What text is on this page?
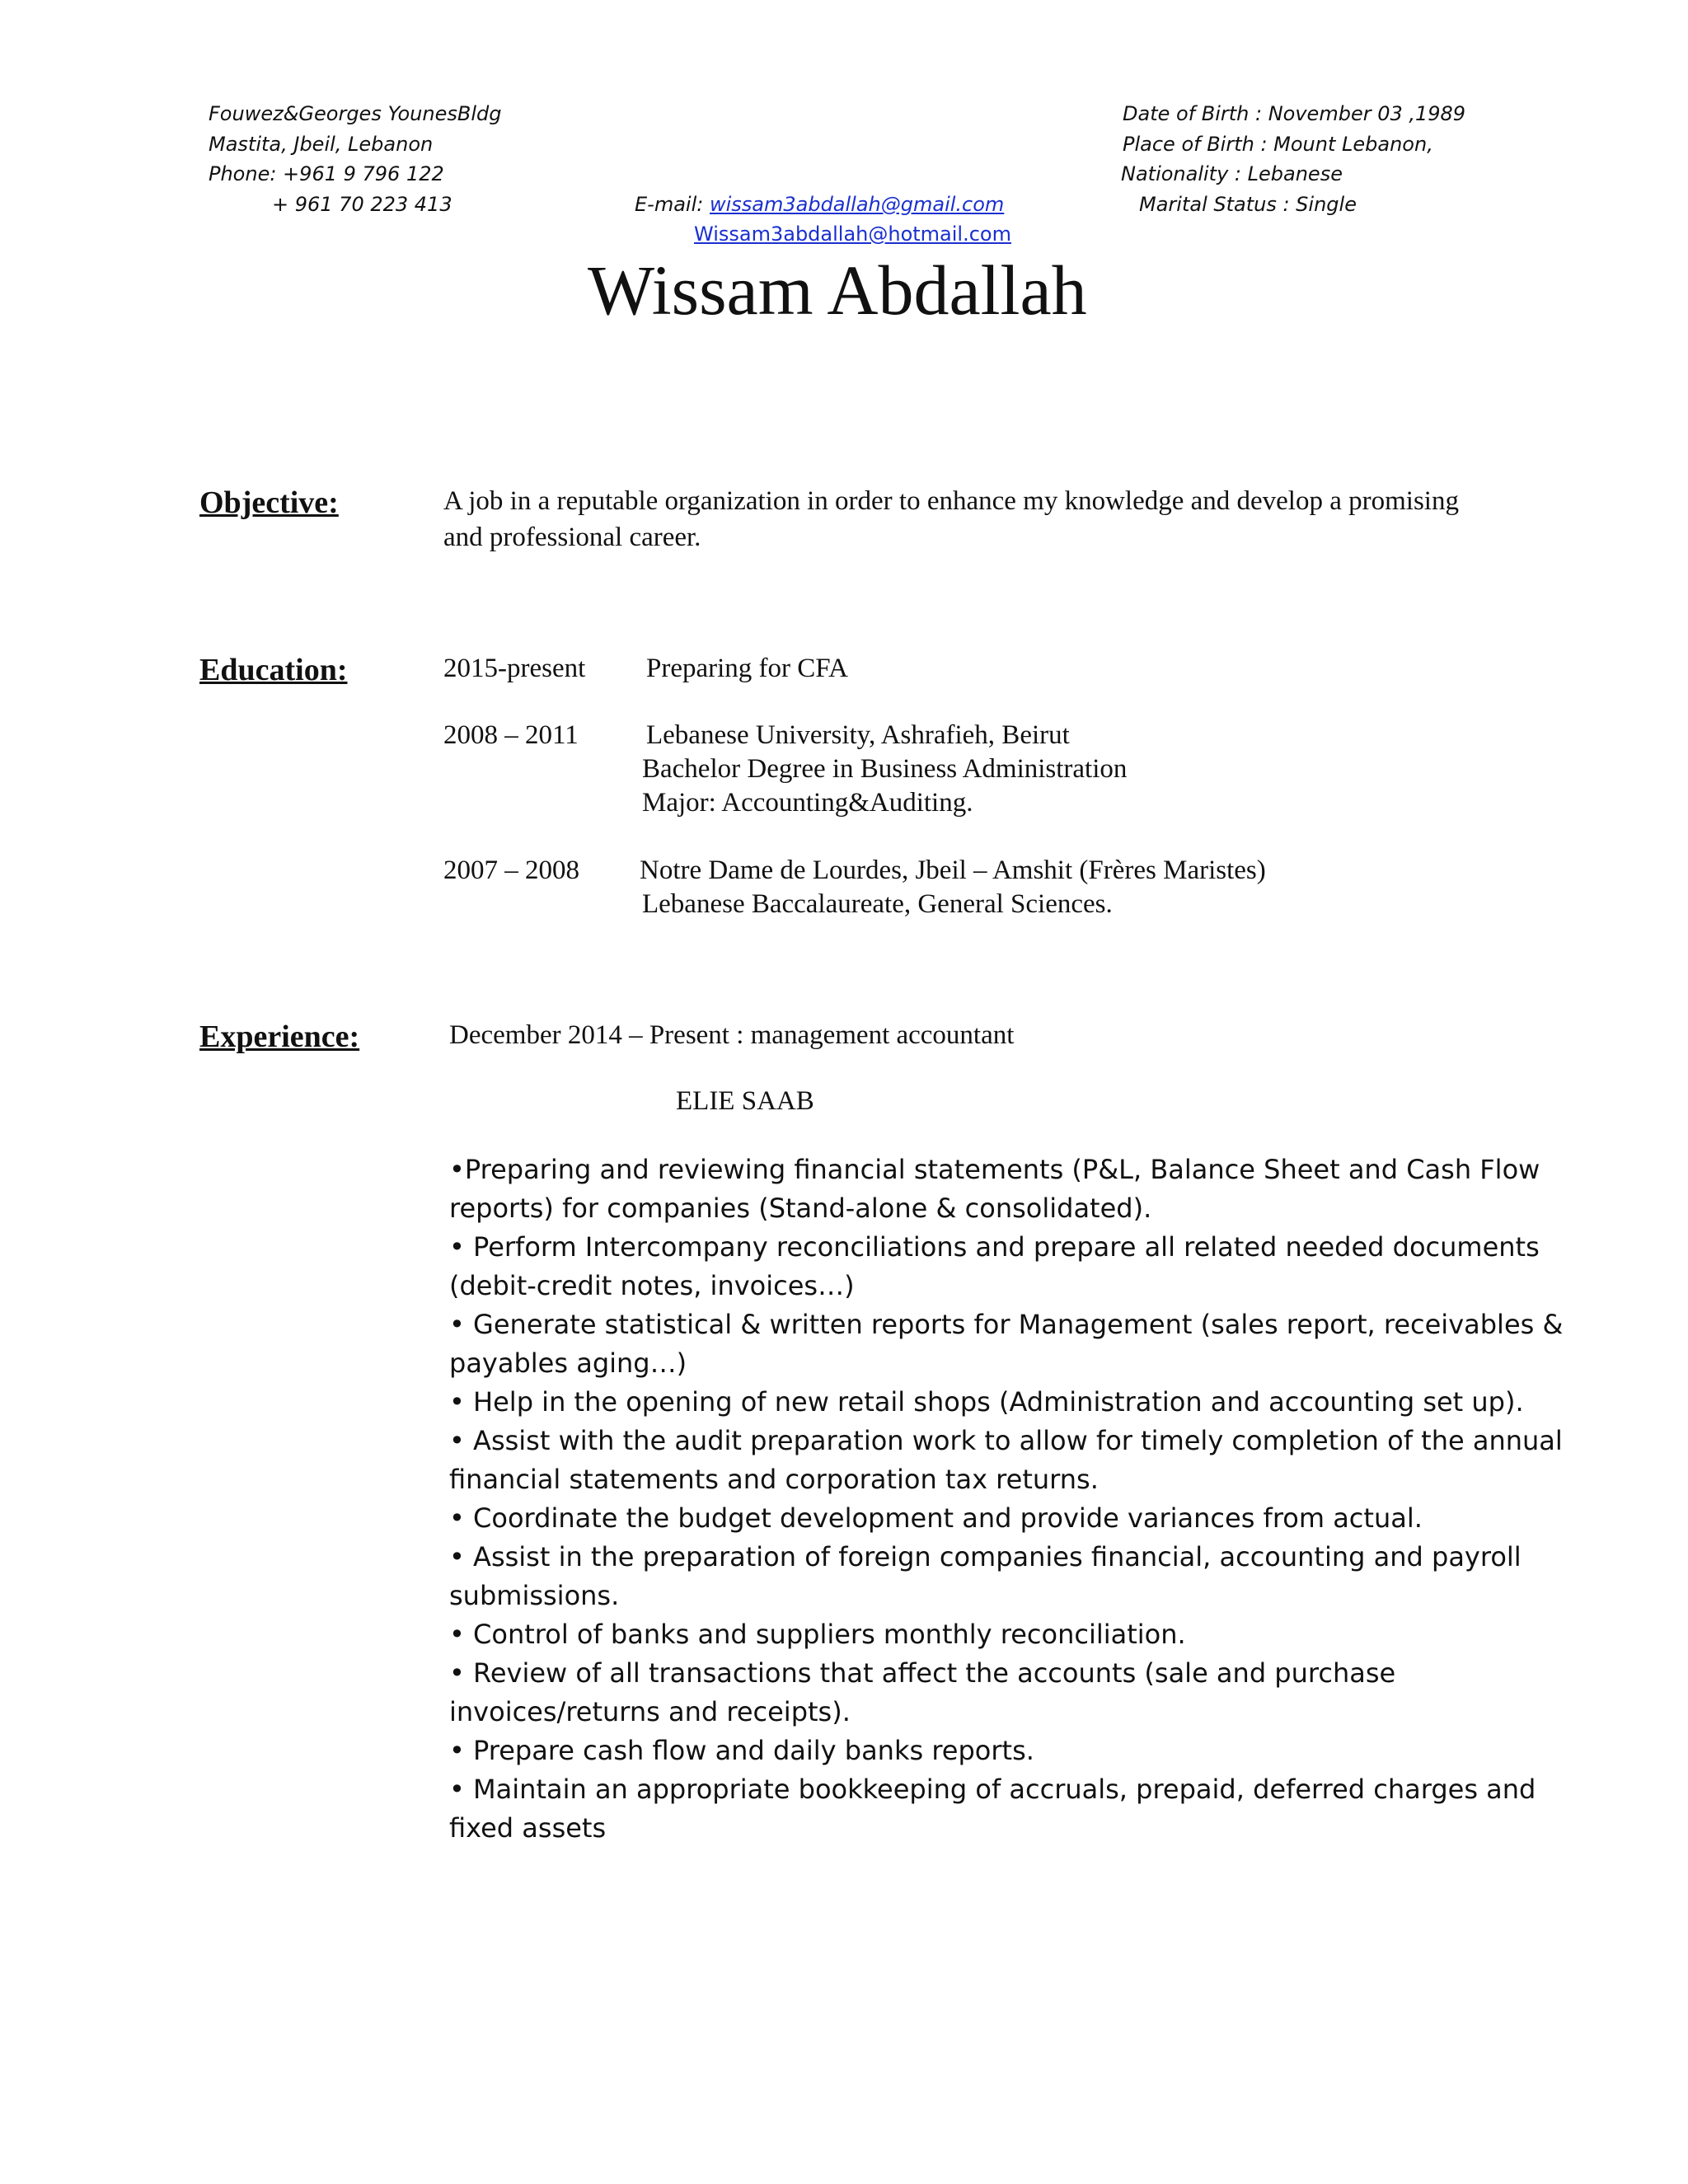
Fouwez&Georges YounesBldg
Mastita, Jbeil, Lebanon
Phone: +961 9 796 122
+ 961 70 223 413	E-mail: wissam3abdallah@gmail.com
Wissam3abdallah@hotmail.com
Date of Birth : November 03 ,1989
Place of Birth : Mount Lebanon,
Nationality : Lebanese
Marital Status : Single
Wissam Abdallah
Objective:	A job in a reputable organization in order to enhance my knowledge and develop a promising
and professional career.
Education:	2015-present Preparing for CFA
2008 – 2011 Lebanese University, Ashrafieh, Beirut
Bachelor Degree in Business Administration
Major: Accounting&Auditing.
2007 – 2008 Notre Dame de Lourdes, Jbeil – Amshit (Frères Maristes)
Lebanese Baccalaureate, General Sciences.
Experience:	December 2014 – Present : management accountant
ELIE SAAB
•Preparing and reviewing financial statements (P&L, Balance Sheet and Cash Flow
reports) for companies (Stand-alone & consolidated).
• Perform Intercompany reconciliations and prepare all related needed documents
(debit-credit notes, invoices…)
• Generate statistical & written reports for Management (sales report, receivables &
payables aging…)
• Help in the opening of new retail shops (Administration and accounting set up).
• Assist with the audit preparation work to allow for timely completion of the annual
financial statements and corporation tax returns.
• Coordinate the budget development and provide variances from actual.
• Assist in the preparation of foreign companies financial, accounting and payroll
submissions.
• Control of banks and suppliers monthly reconciliation.
• Review of all transactions that affect the accounts (sale and purchase
invoices/returns and receipts).
• Prepare cash flow and daily banks reports.
• Maintain an appropriate bookkeeping of accruals, prepaid, deferred charges and
fixed assets
